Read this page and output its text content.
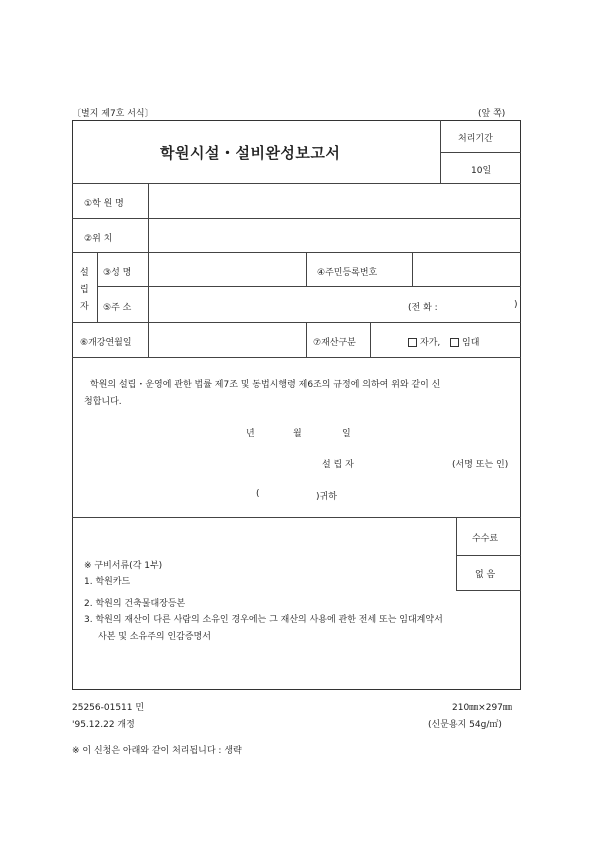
〔별지 제7호 서식〕	(앞 쪽)
학원시설・설비완성보고서
처리기간
10일
①학 원 명
②위 치
설
립
자
③성 명	④주민등록번호
⑤주 소	(전 화 :	)
⑥개강연월일	⑦재산구분	자가,	임대
학원의 설립・운영에 관한 법률 제7조 및 동법시행령 제6조의 규정에 의하여 위와 같이 신
청합니다.
년	월	일
설 립 자	(서명 또는 인)
(	)귀하
수수료
없 음
※ 구비서류(각 1부)
1. 학원카드
2. 학원의 건축물대장등본
3. 학원의 재산이 다른 사람의 소유인 경우에는 그 재산의 사용에 관한 전세 또는 임대계약서
사본 및 소유주의 인감증명서
25256-01511 민	210㎜×297㎜
'95.12.22 개정	(신문용지 54g/㎡)
※ 이 신청은 아래와 같이 처리됩니다 : 생략
